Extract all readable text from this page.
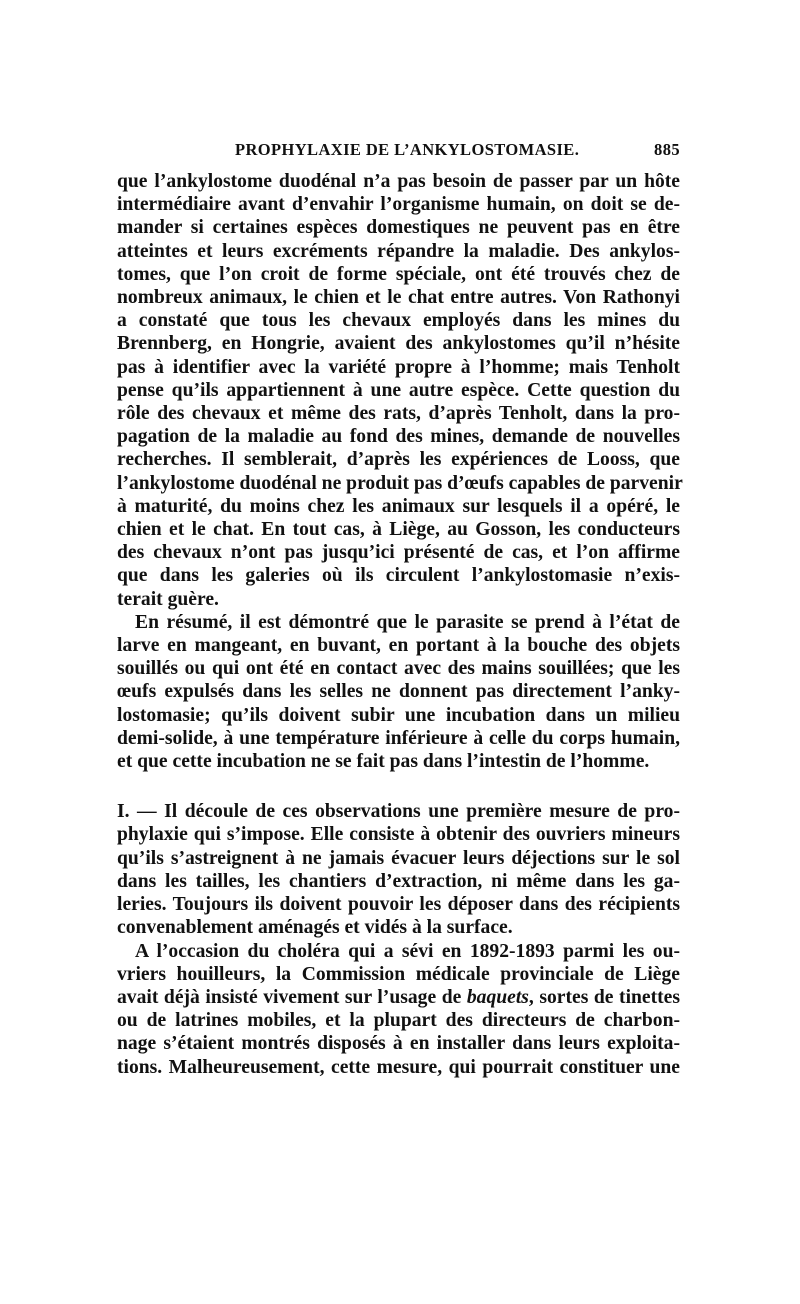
PROPHYLAXIE DE L’ANKYLOSTOMASIE.	885
que l’ankylostome duodénal n’a pas besoin de passer par un hôte
intermédiaire avant d’envahir l’organisme humain, on doit se de-
mander si certaines espèces domestiques ne peuvent pas en être
atteintes et leurs excréments répandre la maladie. Des ankylos-
tomes, que l’on croit de forme spéciale, ont été trouvés chez de
nombreux animaux, le chien et le chat entre autres. Von Rathonyi
a constaté que tous les chevaux employés dans les mines du
Brennberg, en Hongrie, avaient des ankylostomes qu’il n’hésite
pas à identifier avec la variété propre à l’homme; mais Tenholt
pense qu’ils appartiennent à une autre espèce. Cette question du
rôle des chevaux et même des rats, d’après Tenholt, dans la pro-
pagation de la maladie au fond des mines, demande de nouvelles
recherches. Il semblerait, d’après les expériences de Looss, que
l’ankylostome duodénal ne produit pas d’œufs capables de parvenir
à maturité, du moins chez les animaux sur lesquels il a opéré, le
chien et le chat. En tout cas, à Liège, au Gosson, les conducteurs
des chevaux n’ont pas jusqu’ici présenté de cas, et l’on affirme
que dans les galeries où ils circulent l’ankylostomasie n’exis-
terait guère.
En résumé, il est démontré que le parasite se prend à l’état de
larve en mangeant, en buvant, en portant à la bouche des objets
souillés ou qui ont été en contact avec des mains souillées; que les
œufs expulsés dans les selles ne donnent pas directement l’anky-
lostomasie; qu’ils doivent subir une incubation dans un milieu
demi-solide, à une température inférieure à celle du corps humain,
et que cette incubation ne se fait pas dans l’intestin de l’homme.
I. — Il découle de ces observations une première mesure de pro-
phylaxie qui s’impose. Elle consiste à obtenir des ouvriers mineurs
qu’ils s’astreignent à ne jamais évacuer leurs déjections sur le sol
dans les tailles, les chantiers d’extraction, ni même dans les ga-
leries. Toujours ils doivent pouvoir les déposer dans des récipients
convenablement aménagés et vidés à la surface.
A l’occasion du choléra qui a sévi en 1892-1893 parmi les ou-
vriers houilleurs, la Commission médicale provinciale de Liège
avait déjà insisté vivement sur l’usage de baquets, sortes de tinettes
ou de latrines mobiles, et la plupart des directeurs de charbon-
nage s’étaient montrés disposés à en installer dans leurs exploita-
tions. Malheureusement, cette mesure, qui pourrait constituer une
